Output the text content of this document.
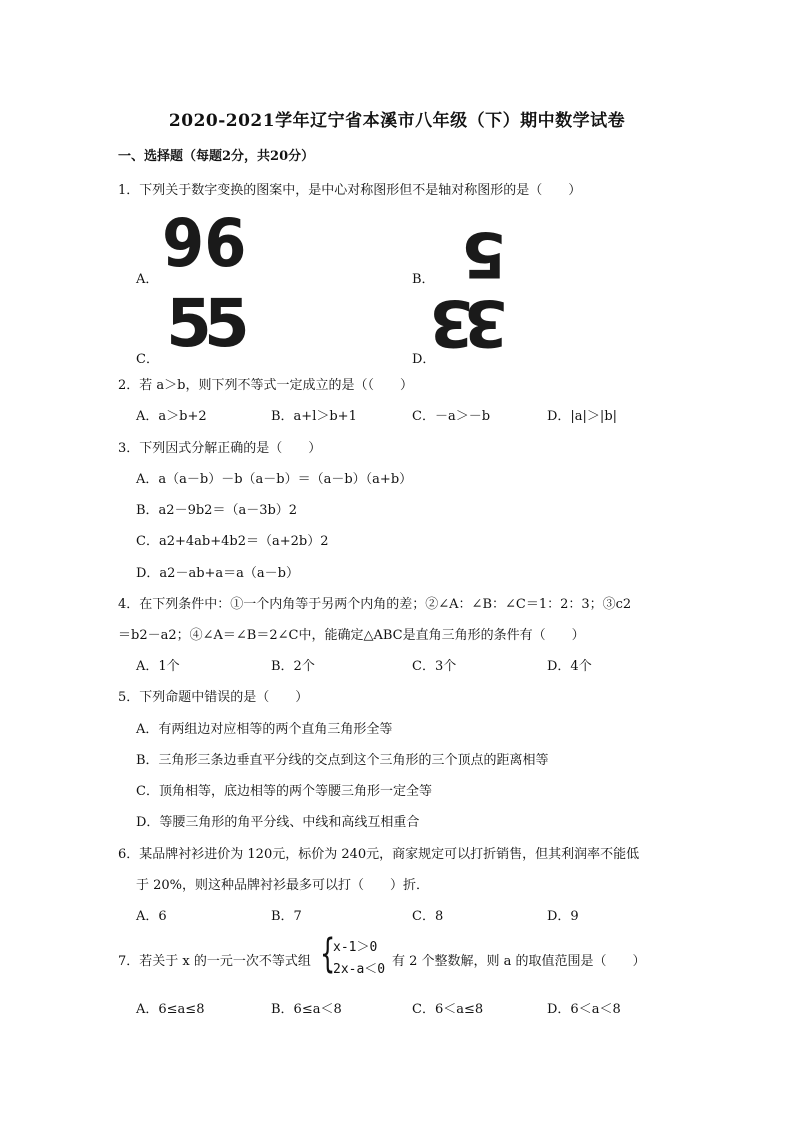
2020-2021学年辽宁省本溪市八年级（下）期中数学试卷
一、选择题（每题2分，共20分）
1．下列关于数字变换的图案中，是中心对称图形但不是轴对称图形的是（　　）
A． 96	B． 5
C． 55	D．
33
2．若 a＞b，则下列不等式一定成立的是（（　　）
A．a＞b+2	B．a+l＞b+1	C．－a＞－b	D．|a|＞|b|
3．下列因式分解正确的是（　　）
A．a（a－b）－b（a－b）＝（a－b）（a+b）
B．a2－9b2＝（a－3b）2
C．a2+4ab+4b2＝（a+2b）2
D．a2－ab+a＝a（a－b）
4．在下列条件中：①一个内角等于另两个内角的差；②∠A：∠B：∠C＝1：2：3；③c2
＝b2－a2；④∠A＝∠B＝2∠C中，能确定△ABC是直角三角形的条件有（　　）
A．1个	B．2个	C．3个	D．4个
5．下列命题中错误的是（　　）
A．有两组边对应相等的两个直角三角形全等
B．三角形三条边垂直平分线的交点到这个三角形的三个顶点的距离相等
C．顶角相等，底边相等的两个等腰三角形一定全等
D．等腰三角形的角平分线、中线和高线互相重合
6．某品牌衬衫进价为 120元，标价为 240元，商家规定可以打折销售，但其利润率不能低
于 20%，则这种品牌衬衫最多可以打（　　）折．
A．6	B．7	C．8	D．9
7．若关于 x 的一元一次不等式组 {
x-1＞0
2x-a＜0
有 2 个整数解，则 a 的取值范围是（　　）
A．6≤a≤8	B．6≤a＜8	C．6＜a≤8	D．6＜a＜8
